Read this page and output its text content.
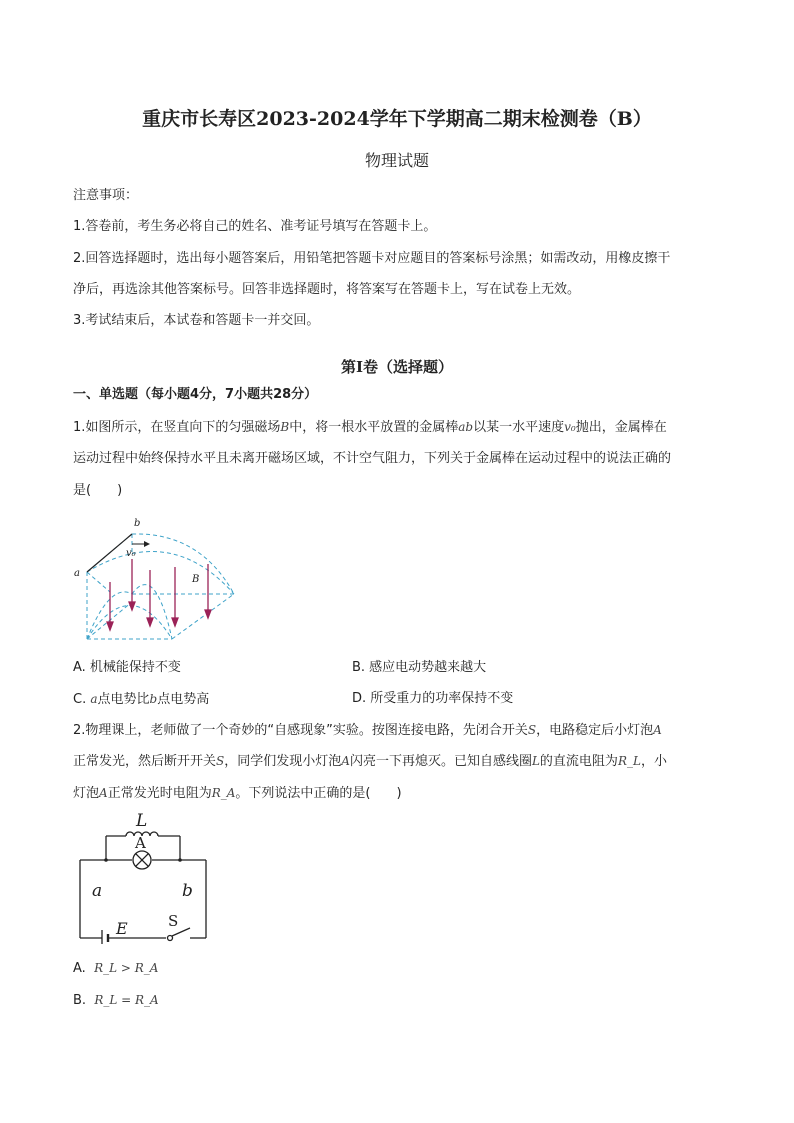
重庆市长寿区2023-2024学年下学期高二期末检测卷（B）
物理试题
注意事项：
1.答卷前，考生务必将自己的姓名、准考证号填写在答题卡上。
2.回答选择题时，选出每小题答案后，用铅笔把答题卡对应题目的答案标号涂黑；如需改动，用橡皮擦干
净后，再选涂其他答案标号。回答非选择题时，将答案写在答题卡上，写在试卷上无效。
3.考试结束后，本试卷和答题卡一并交回。
第I卷（选择题）
一、单选题（每小题4分，7小题共28分）
1.如图所示，在竖直向下的匀强磁场B中，将一根水平放置的金属棒ab以某一水平速度v₀抛出，金属棒在
运动过程中始终保持水平且未离开磁场区域，不计空气阻力，下列关于金属棒在运动过程中的说法正确的
是(　　)
a
b
v₀
B
A. 机械能保持不变	B. 感应电动势越来越大
C. a点电势比b点电势高	D. 所受重力的功率保持不变
2.物理课上，老师做了一个奇妙的“自感现象”实验。按图连接电路，先闭合开关S，电路稳定后小灯泡A
正常发光，然后断开开关S，同学们发现小灯泡A闪亮一下再熄灭。已知自感线圈L的直流电阻为R_L，小
灯泡A正常发光时电阻为R_A。下列说法中正确的是(　　)
L
A
a	b
E	S
A. R_L > R_A
B. R_L = R_A
